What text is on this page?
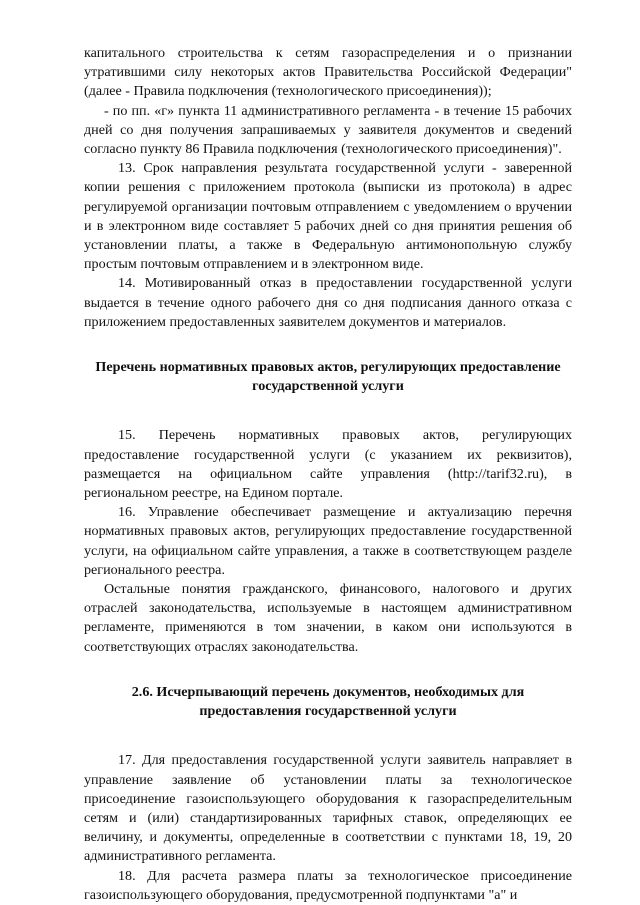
капитального строительства к сетям газораспределения и о признании утратившими силу некоторых актов Правительства Российской Федерации" (далее - Правила подключения (технологического присоединения));

- по пп. «г» пункта 11 административного регламента - в течение 15 рабочих дней со дня получения запрашиваемых у заявителя документов и сведений согласно пункту 86 Правила подключения (технологического присоединения)".

13. Срок направления результата государственной услуги - заверенной копии решения с приложением протокола (выписки из протокола) в адрес регулируемой организации почтовым отправлением с уведомлением о вручении и в электронном виде составляет 5 рабочих дней со дня принятия решения об установлении платы, а также в Федеральную антимонопольную службу простым почтовым отправлением и в электронном виде.

14. Мотивированный отказ в предоставлении государственной услуги выдается в течение одного рабочего дня со дня подписания данного отказа с приложением предоставленных заявителем документов и материалов.

Перечень нормативных правовых актов, регулирующих предоставление государственной услуги

15. Перечень нормативных правовых актов, регулирующих предоставление государственной услуги (с указанием их реквизитов), размещается на официальном сайте управления (http://tarif32.ru), в региональном реестре, на Едином портале.

16. Управление обеспечивает размещение и актуализацию перечня нормативных правовых актов, регулирующих предоставление государственной услуги, на официальном сайте управления, а также в соответствующем разделе регионального реестра.

Остальные понятия гражданского, финансового, налогового и других отраслей законодательства, используемые в настоящем административном регламенте, применяются в том значении, в каком они используются в соответствующих отраслях законодательства.

2.6. Исчерпывающий перечень документов, необходимых для предоставления государственной услуги

17. Для предоставления государственной услуги заявитель направляет в управление заявление об установлении платы за технологическое присоединение газоиспользующего оборудования к газораспределительным сетям и (или) стандартизированных тарифных ставок, определяющих ее величину, и документы, определенные в соответствии с пунктами 18, 19, 20 административного регламента.

18. Для расчета размера платы за технологическое присоединение газоиспользующего оборудования, предусмотренной подпунктами "а" и
